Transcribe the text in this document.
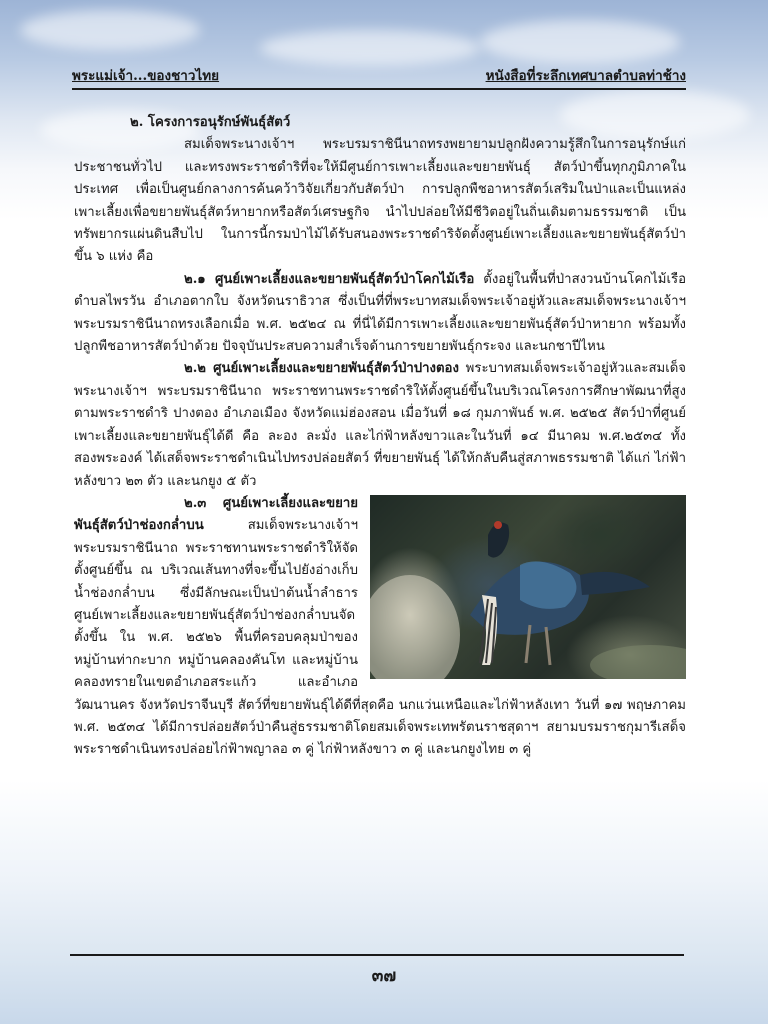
พระแม่เจ้า...ของชาวไทย	หนังสือที่ระลึกเทศบาลตำบลท่าช้าง
๒. โครงการอนุรักษ์พันธุ์สัตว์

สมเด็จพระนางเจ้าฯ พระบรมราชินีนาถทรงพยายามปลูกฝังความรู้สึกในการอนุรักษ์แก่ประชาชนทั่วไป และทรงพระราชดำริที่จะให้มีศูนย์การเพาะเลี้ยงและขยายพันธุ์ สัตว์ป่าขึ้นทุกภูมิภาคในประเทศ เพื่อเป็นศูนย์กลางการค้นคว้าวิจัยเกี่ยวกับสัตว์ป่า การปลูกพืชอาหารสัตว์เสริมในป่าและเป็นแหล่งเพาะเลี้ยงเพื่อขยายพันธุ์สัตว์หายากหรือสัตว์เศรษฐกิจ นำไปปล่อยให้มีชีวิตอยู่ในถิ่นเดิมตามธรรมชาติ เป็นทรัพยากรแผ่นดินสืบไป ในการนี้กรมป่าไม้ได้รับสนองพระราชดำริจัดตั้งศูนย์เพาะเลี้ยงและขยายพันธุ์สัตว์ป่าขึ้น ๖ แห่ง คือ

๒.๑ ศูนย์เพาะเลี้ยงและขยายพันธุ์สัตว์ป่าโคกไม้เรือ ตั้งอยู่ในพื้นที่ป่าสงวนบ้านโคกไม้เรือตำบลไพรวัน อำเภอตากใบ จังหวัดนราธิวาส ซึ่งเป็นที่ที่พระบาทสมเด็จพระเจ้าอยู่หัวและสมเด็จพระนางเจ้าฯ พระบรมราชินีนาถทรงเลือกเมื่อ พ.ศ. ๒๕๒๔ ณ ที่นี่ได้มีการเพาะเลี้ยงและขยายพันธุ์สัตว์ป่าหายาก พร้อมทั้งปลูกพืชอาหารสัตว์ป่าด้วย ปัจจุบันประสบความสำเร็จด้านการขยายพันธุ์กระจง และนกชาปีไหน

๒.๒ ศูนย์เพาะเลี้ยงและขยายพันธุ์สัตว์ป่าปางตอง พระบาทสมเด็จพระเจ้าอยู่หัวและสมเด็จพระนางเจ้าฯ พระบรมราชินีนาถ พระราชทานพระราชดำริให้ตั้งศูนย์ขึ้นในบริเวณโครงการศึกษาพัฒนาที่สูงตามพระราชดำริ ปางตอง อำเภอเมือง จังหวัดแม่ฮ่องสอน เมื่อวันที่ ๑๘ กุมภาพันธ์ พ.ศ. ๒๕๒๕ สัตว์ป่าที่ศูนย์เพาะเลี้ยงและขยายพันธุ์ได้ดี คือ ละอง ละมั่ง และไก่ฟ้าหลังขาวและในวันที่ ๑๔ มีนาคม พ.ศ.๒๕๓๔ ทั้งสองพระองค์ ได้เสด็จพระราชดำเนินไปทรงปล่อยสัตว์ ที่ขยายพันธุ์ ได้ให้กลับคืนสู่สภาพธรรมชาติ ได้แก่ ไก่ฟ้าหลังขาว ๒๓ ตัว และนกยูง ๕ ตัว

๒.๓ ศูนย์เพาะเลี้ยงและขยายพันธุ์สัตว์ป่าช่องกล่ำบน สมเด็จพระนางเจ้าฯ พระบรมราชินีนาถ พระราชทานพระราชดำริให้จัดตั้งศูนย์ขึ้น ณ บริเวณเส้นทางที่จะขึ้นไปยังอ่างเก็บน้ำช่องกล่ำบน ซึ่งมีลักษณะเป็นป่าต้นน้ำลำธาร ศูนย์เพาะเลี้ยงและขยายพันธุ์สัตว์ป่าช่องกล่ำบนจัดตั้งขึ้น ใน พ.ศ. ๒๕๒๖ พื้นที่ครอบคลุมป่าของหมู่บ้านท่ากะบาก หมู่บ้านคลองคันโท และหมู่บ้านคลองทรายในเขตอำเภอสระแก้ว และอำเภอวัฒนานคร จังหวัดปราจีนบุรี สัตว์ที่ขยายพันธุ์ได้ดีที่สุดคือ นกแว่นเหนือและไก่ฟ้าหลังเทา วันที่ ๑๗ พฤษภาคม พ.ศ. ๒๕๓๔ ได้มีการปล่อยสัตว์ป่าคืนสู่ธรรมชาติโดยสมเด็จพระเทพรัตนราชสุดาฯ สยามบรมราชกุมารีเสด็จพระราชดำเนินทรงปล่อยไก่ฟ้าพญาลอ ๓ คู่ ไก่ฟ้าหลังขาว ๓ คู่ และนกยูงไทย ๓ คู่

๓๗
